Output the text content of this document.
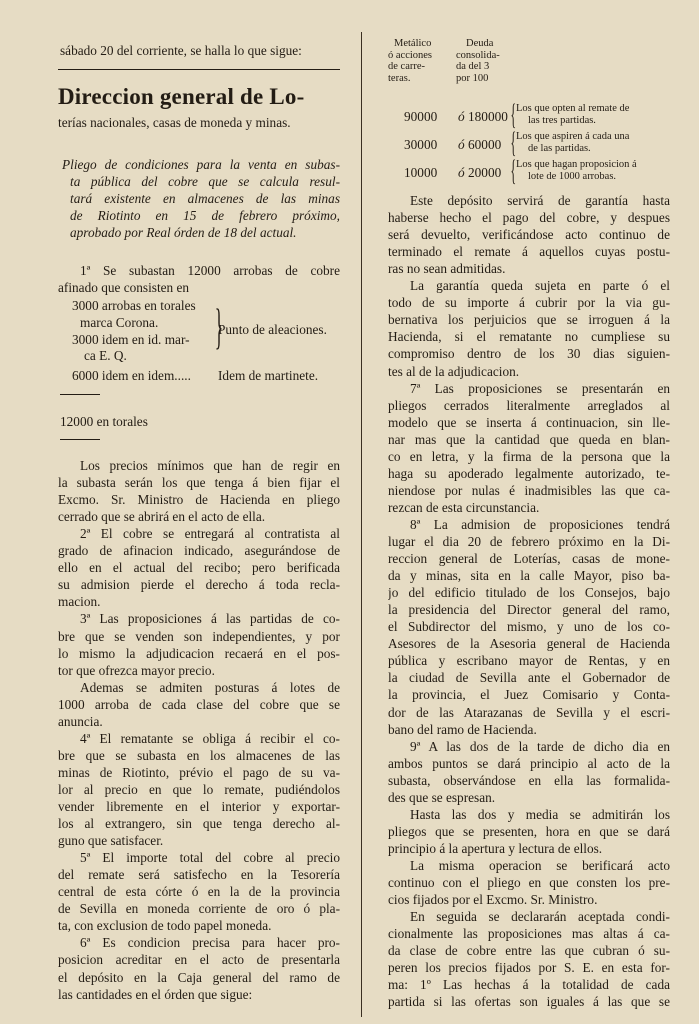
sábado 20 del corriente, se halla lo que sigue:
Direccion general de Lo-
terías nacionales, casas de moneda y minas.
Pliego de condiciones para la venta en subas-
ta pública del cobre que se calcula resul-
tará existente en almacenes de las minas
de Riotinto en 15 de febrero próximo,
aprobado por Real órden de 18 del actual.
1ª Se subastan 12000 arrobas de cobre
afinado que consisten en
3000 arrobas en torales
marca Corona.
3000 idem en id. mar-
ca E. Q.
}
Punto de aleaciones.
6000 idem en idem.....	Idem de martinete.
12000 en torales
Los precios mínimos que han de regir en
la subasta serán los que tenga á bien fijar el
Excmo. Sr. Ministro de Hacienda en pliego
cerrado que se abrirá en el acto de ella.
2ª El cobre se entregará al contratista al
grado de afinacion indicado, asegurándose de
ello en el actual del recibo; pero berificada
su admision pierde el derecho á toda recla-
macion.
3ª Las proposiciones á las partidas de co-
bre que se venden son independientes, y por
lo mismo la adjudicacion recaerá en el pos-
tor que ofrezca mayor precio.
Ademas se admiten posturas á lotes de
1000 arroba de cada clase del cobre que se
anuncia.
4ª El rematante se obliga á recibir el co-
bre que se subasta en los almacenes de las
minas de Riotinto, prévio el pago de su va-
lor al precio en que lo remate, pudiéndolos
vender libremente en el interior y exportar-
los al extrangero, sin que tenga derecho al-
guno que satisfacer.
5ª El importe total del cobre al precio
del remate será satisfecho en la Tesorería
central de esta córte ó en la de la provincia
de Sevilla en moneda corriente de oro ó pla-
ta, con exclusion de todo papel moneda.
6ª Es condicion precisa para hacer pro-
posicion acreditar en el acto de presentarla
el depósito en la Caja general del ramo de
las cantidades en el órden que sigue:
Metálico
ó acciones
de carre-
teras.
Deuda
consolida-
da del 3
por 100
90000	ó 180000 { Los que opten al remate de
las tres partidas.
30000	ó 60000 { Los que aspiren á cada una
de las partidas.
10000	ó 20000 { Los que hagan proposicion á
lote de 1000 arrobas.
Este depósito servirá de garantía hasta
haberse hecho el pago del cobre, y despues
será devuelto, verificándose acto continuo de
terminado el remate á aquellos cuyas postu-
ras no sean admitidas.
La garantía queda sujeta en parte ó el
todo de su importe á cubrir por la via gu-
bernativa los perjuicios que se irroguen á la
Hacienda, si el rematante no cumpliese su
compromiso dentro de los 30 dias siguien-
tes al de la adjudicacion.
7ª Las proposiciones se presentarán en
pliegos cerrados literalmente arreglados al
modelo que se inserta á continuacion, sin lle-
nar mas que la cantidad que queda en blan-
co en letra, y la firma de la persona que la
haga su apoderado legalmente autorizado, te-
niendose por nulas é inadmisibles las que ca-
rezcan de esta circunstancia.
8ª La admision de proposiciones tendrá
lugar el dia 20 de febrero próximo en la Di-
reccion general de Loterías, casas de mone-
da y minas, sita en la calle Mayor, piso ba-
jo del edificio titulado de los Consejos, bajo
la presidencia del Director general del ramo,
el Subdirector del mismo, y uno de los co-
Asesores de la Asesoria general de Hacienda
pública y escribano mayor de Rentas, y en
la ciudad de Sevilla ante el Gobernador de
la provincia, el Juez Comisario y Conta-
dor de las Atarazanas de Sevilla y el escri-
bano del ramo de Hacienda.
9ª A las dos de la tarde de dicho dia en
ambos puntos se dará principio al acto de la
subasta, observándose en ella las formalida-
des que se espresan.
Hasta las dos y media se admitirán los
pliegos que se presenten, hora en que se dará
principio á la apertura y lectura de ellos.
La misma operacion se berificará acto
continuo con el pliego en que consten los pre-
cios fijados por el Excmo. Sr. Ministro.
En seguida se declararán aceptada condi-
cionalmente las proposiciones mas altas á ca-
da clase de cobre entre las que cubran ó su-
peren los precios fijados por S. E. en esta for-
ma: 1º Las hechas á la totalidad de cada
partida si las ofertas son iguales á las que se
